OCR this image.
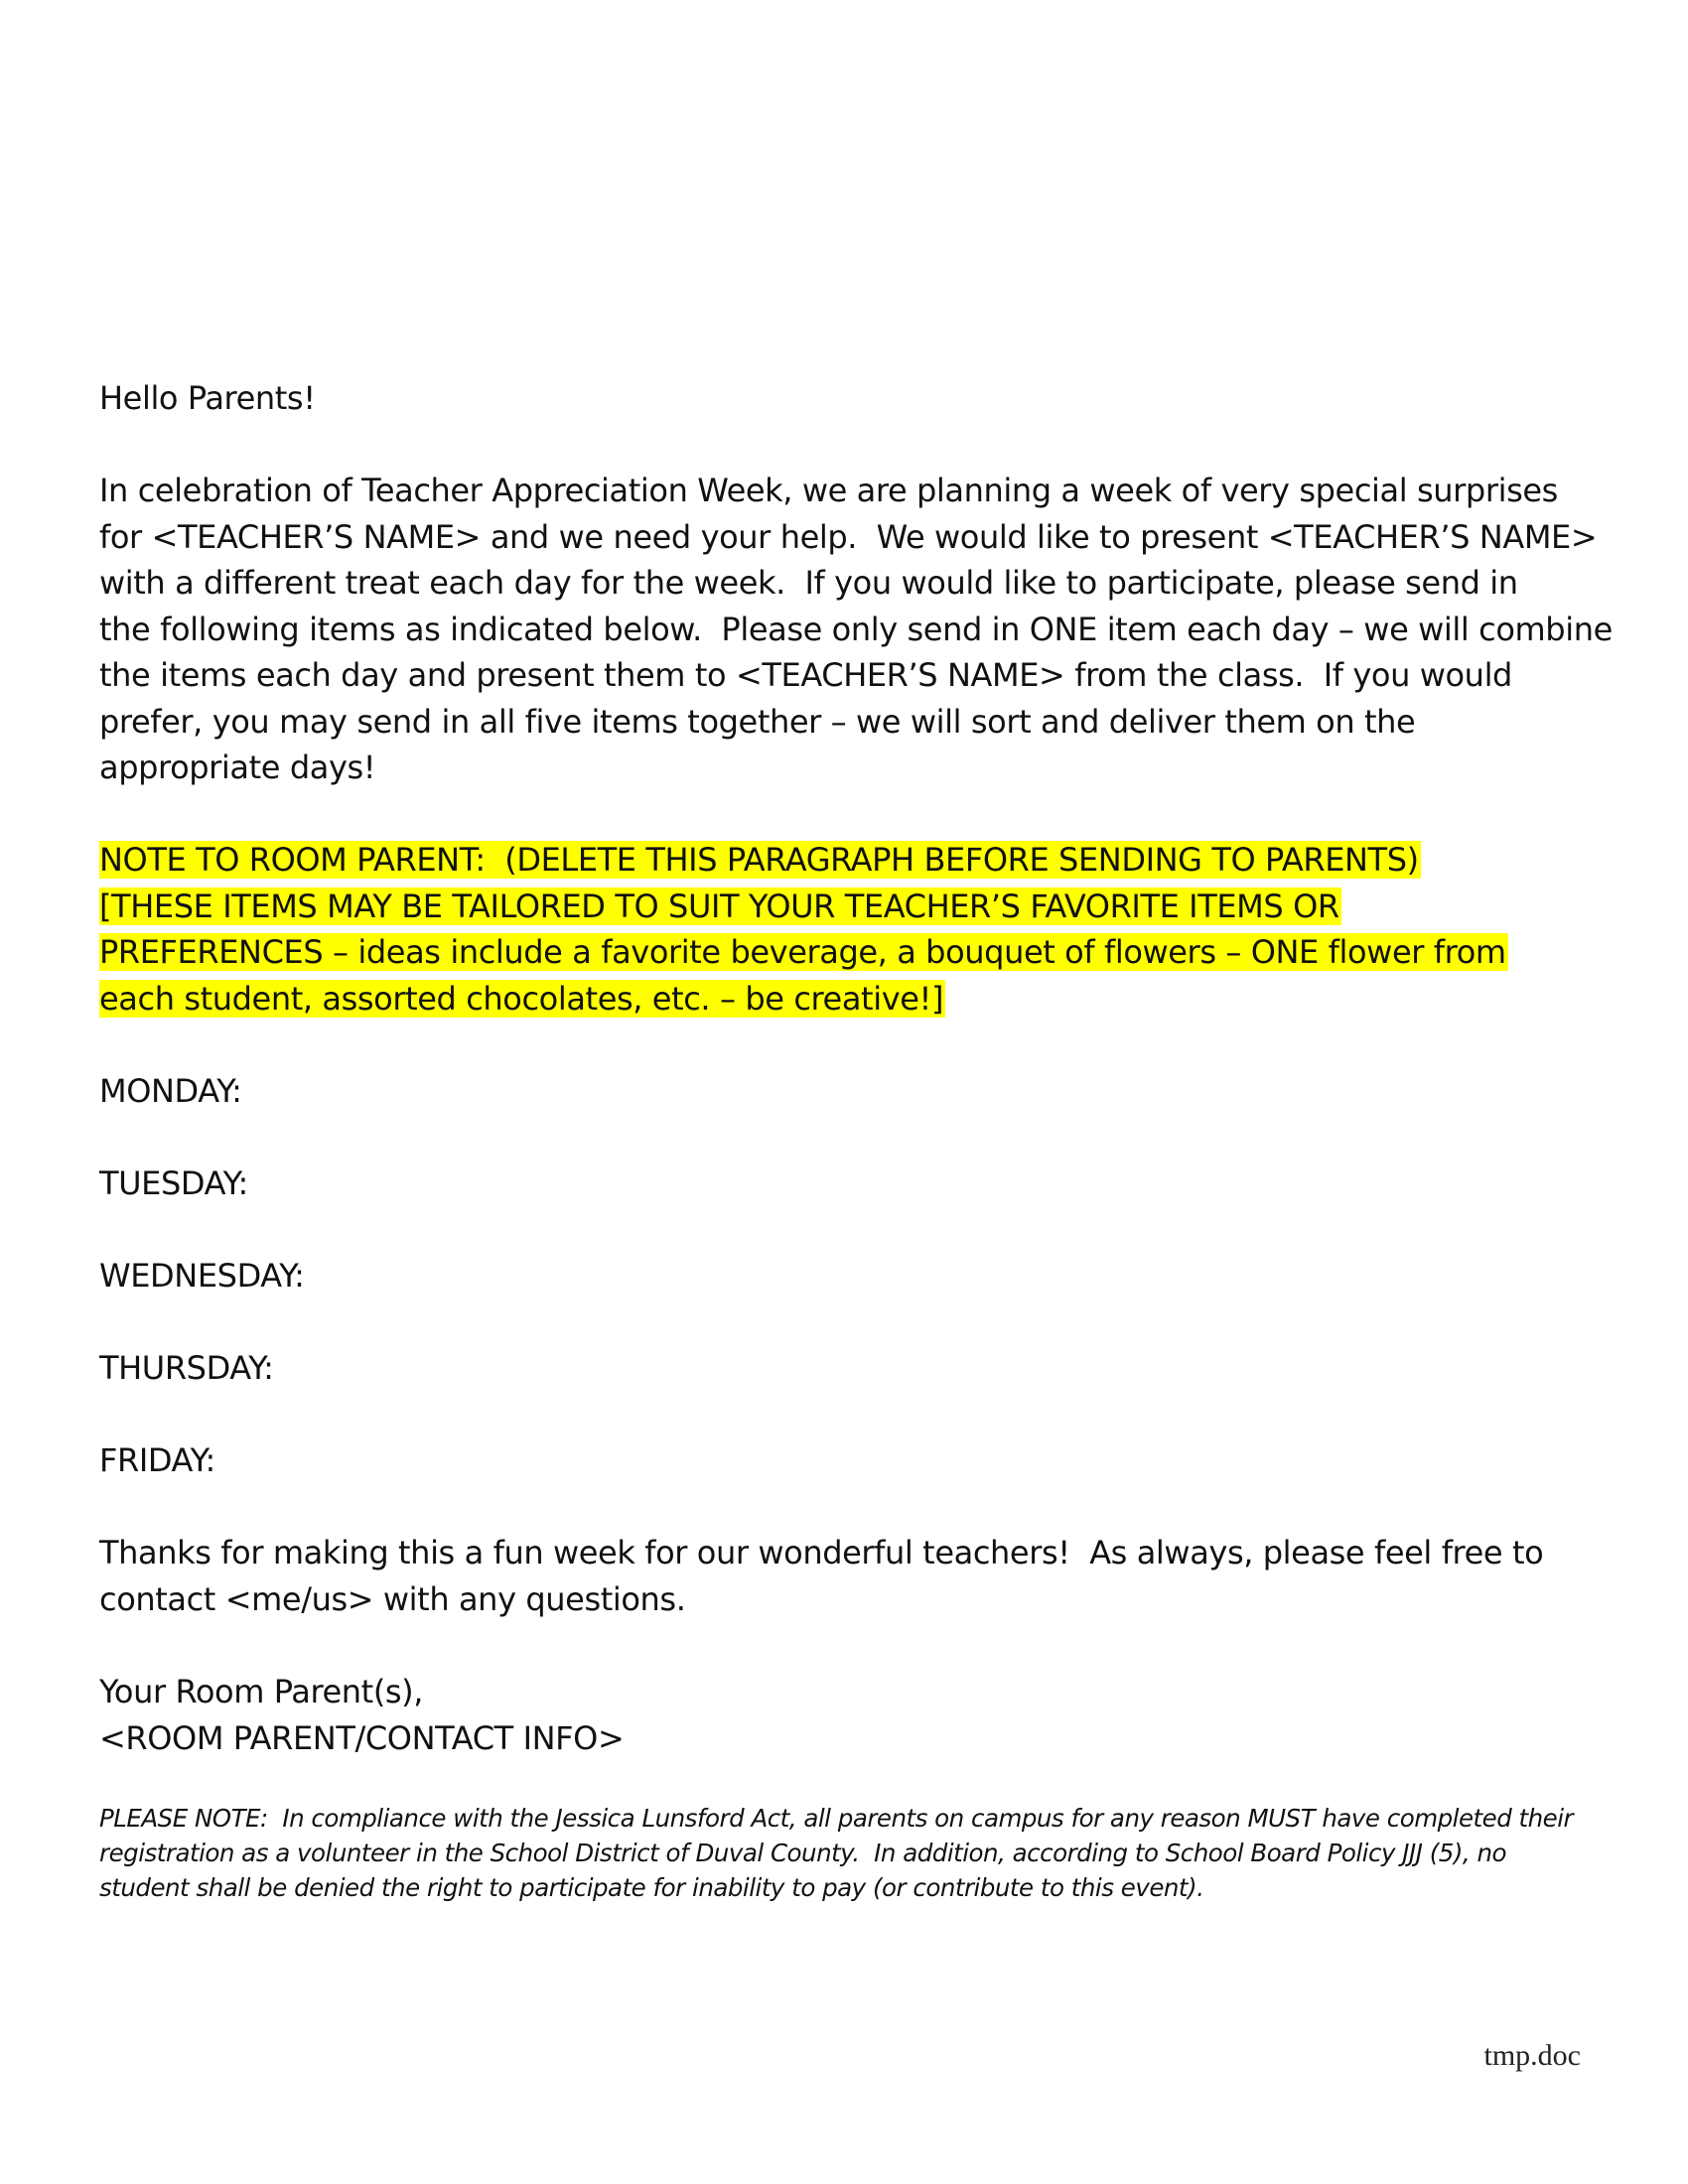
Hello Parents!
In celebration of Teacher Appreciation Week, we are planning a week of very special surprises
for <TEACHER’S NAME> and we need your help.  We would like to present <TEACHER’S NAME>
with a different treat each day for the week.  If you would like to participate, please send in
the following items as indicated below.  Please only send in ONE item each day – we will combine
the items each day and present them to <TEACHER’S NAME> from the class.  If you would
prefer, you may send in all five items together – we will sort and deliver them on the
appropriate days!
NOTE TO ROOM PARENT:  (DELETE THIS PARAGRAPH BEFORE SENDING TO PARENTS)
[THESE ITEMS MAY BE TAILORED TO SUIT YOUR TEACHER’S FAVORITE ITEMS OR
PREFERENCES – ideas include a favorite beverage, a bouquet of flowers – ONE flower from
each student, assorted chocolates, etc. – be creative!]
MONDAY:
TUESDAY:
WEDNESDAY:
THURSDAY:
FRIDAY:
Thanks for making this a fun week for our wonderful teachers!  As always, please feel free to
contact <me/us> with any questions.
Your Room Parent(s),
<ROOM PARENT/CONTACT INFO>
PLEASE NOTE:  In compliance with the Jessica Lunsford Act, all parents on campus for any reason MUST have completed their
registration as a volunteer in the School District of Duval County.  In addition, according to School Board Policy JJJ (5), no
student shall be denied the right to participate for inability to pay (or contribute to this event).
tmp.doc
